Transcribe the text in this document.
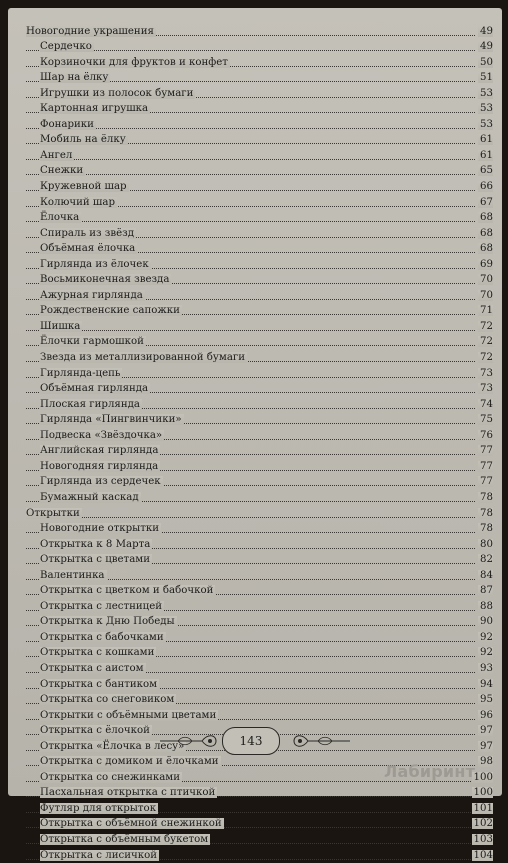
Новогодние украшения	49
Сердечко	49
Корзиночки для фруктов и конфет	50
Шар на ёлку	51
Игрушки из полосок бумаги	53
Картонная игрушка	53
Фонарики	53
Мобиль на ёлку	61
Ангел	61
Снежки	65
Кружевной шар	66
Колючий шар	67
Ёлочка	68
Спираль из звёзд	68
Объёмная ёлочка	68
Гирлянда из ёлочек	69
Восьмиконечная звезда	70
Ажурная гирлянда	70
Рождественские сапожки	71
Шишка	72
Ёлочки гармошкой	72
Звезда из металлизированной бумаги	72
Гирлянда-цепь	73
Объёмная гирлянда	73
Плоская гирлянда	74
Гирлянда «Пингвинчики»	75
Подвеска «Звёздочка»	76
Английская гирлянда	77
Новогодняя гирлянда	77
Гирлянда из сердечек	77
Бумажный каскад	78
Открытки	78
Новогодние открытки	78
Открытка к 8 Марта	80
Открытка с цветами	82
Валентинка	84
Открытка с цветком и бабочкой	87
Открытка с лестницей	88
Открытка к Дню Победы	90
Открытка с бабочками	92
Открытка с кошками	92
Открытка с аистом	93
Открытка с бантиком	94
Открытка со снеговиком	95
Открытки с объёмными цветами	96
Открытка с ёлочкой	97
Открытка «Ёлочка в лесу»	97
Открытка с домиком и ёлочками	98
Открытка со снежинками	100
Пасхальная открытка с птичкой	100
Футляр для открыток	101
Открытка с объёмной снежинкой	102
Открытка с объёмным букетом	103
Открытка с лисичкой	104
143
Лабиринт
